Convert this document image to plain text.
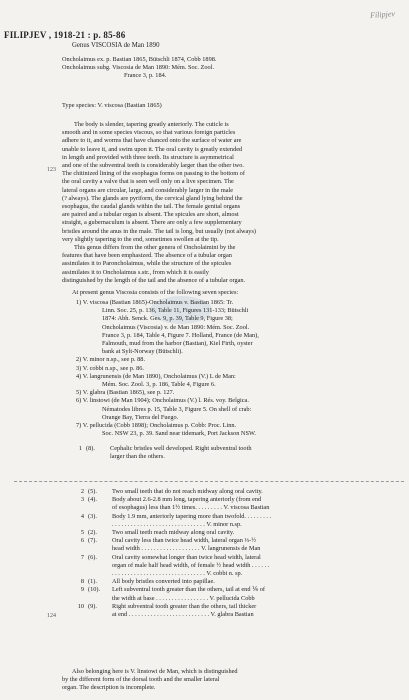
Filipjev
FILIPJEV , 1918-21 : p. 85-86
Genus VISCOSIA de Man 1890

Oncholaimus ex. p. Bastian 1865, Bütschli 1874, Cobb 1898.

Oncholaimus subg. Viscosia de Man 1890: Mém. Soc. Zool.

France 3, p. 184.

Type species: V. viscosa (Bastian 1865)
123

The body is slender, tapering greatly anteriorly. The cuticle is

smooth and in some species viscous, so that various foreign particles

adhere to it, and worms that have chanced onto the surface of water are

unable to leave it, and swim upon it. The oral cavity is greatly extended

in length and provided with three teeth. Its structure is asymmetrical

and one of the subventral teeth is considerably larger than the other two.

The chitinized lining of the esophagus forms on passing to the bottom of

the oral cavity a valve that is seen well only on a live specimen. The

lateral organs are circular, large, and considerably larger in the male

(? always). The glands are pyriform, the cervical gland lying behind the

esophagus, the caudal glands within the tail. The female genital organs

are paired and a tubular organ is absent. The spicules are short, almost

straight, a gubernaculum is absent. There are only a few supplementary

bristles around the anus in the male. The tail is long, but usually (not always)

very slightly tapering to the end, sometimes swollen at the tip.

This genus differs from the other genera of Oncholaimini by the

features that have been emphasized. The absence of a tubular organ

assimilates it to Paroncholaimus, while the structure of the spicules

assimilates it to Oncholaimus s.str., from which it is easily

distinguished by the length of the tail and the absence of a tubular organ.

At present genus Viscosia consists of the following seven species:

1) V. viscosa (Bastian 1865)-Oncholaimus v. Bastian 1865: Tr.

Linn. Soc. 25, p. 136, Table 11, Figures 131-133; Bütschli

1874: Abh. Senck. Ges. 9, p. 39, Table 9, Figure 38;

Oncholaimus (Viscosia) v. de Man 1890: Mém. Soc. Zool.

France 3, p. 184, Table 4, Figure 7. Holland, France (de Man),

Falmouth, mud from the harbor (Bastian), Kiel Firth, oyster

bank at Sylt-Norway (Bütschli).

2) V. minor n.sp., see p. 88.

3) V. cobbi n.sp., see p. 86.

4) V. langrunensis (de Man 1890), Oncholaimus (V.) L de Man:

Mém. Soc. Zool. 3, p. 186, Table 4, Figure 6.

5) V. glabra (Bastian 1865), see p. 127.

6) V. linstowi (de Man 1904); Oncholaimus (V.) l. Rés. voy. Belgica.

Nématodes libres p. 15, Table 3, Figure 5. On shell of crab:

Orange Bay, Tierra del Fuego.

7) V. pellucida (Cobb 1898); Oncholaimus p. Cobb: Proc. Linn.

Soc. NSW 23, p. 39. Sand near tidemark, Port Jackson NSW.

1 (8).	Cephalic bristles well developed. Right subventral tooth
larger than the others.
124
2 (5).	Two small teeth that do not reach midway along oral cavity.
3 (4).	Body about 2.6-2.8 mm long, tapering anteriorly (from end
of esophagus) less than 1½ times. . . . . . . . . V. viscosa Bastian
4 (3).	Body 1.9 mm, anteriorly tapering more than twofold. . . . . . . . .
. . . . . . . . . . . . . . . . . . . . . . . . . . . . . . V. minor n.sp.
5 (2).	Two small teeth reach midway along oral cavity.
6 (7).	Oral cavity less than twice head width, lateral organ ⅓-½
head width . . . . . . . . . . . . . . . . . . . V. langrunensis de Man
7 (6).	Oral cavity somewhat longer than twice head width, lateral
organ of male half head width, of female ½ head width . . . . . .
. . . . . . . . . . . . . . . . . . . . . . . . . . . . . . V. cobbi n. sp.
8 (1).	All body bristles converted into papillae.
9 (10).	Left subventral tooth greater than the others, tail at end ⅙ of
the width at base . . . . . . . . . . . . . . . . . V. pellucida Cobb
10 (9).	Right subventral tooth greater than the others, tail thicker
at end . . . . . . . . . . . . . . . . . . . . . . . . . . V. glabra Bastian

Also belonging here is V. linstowi de Man, which is distinguished

by the different form of the dorsal tooth and the smaller lateral

organ. The description is incomplete.
